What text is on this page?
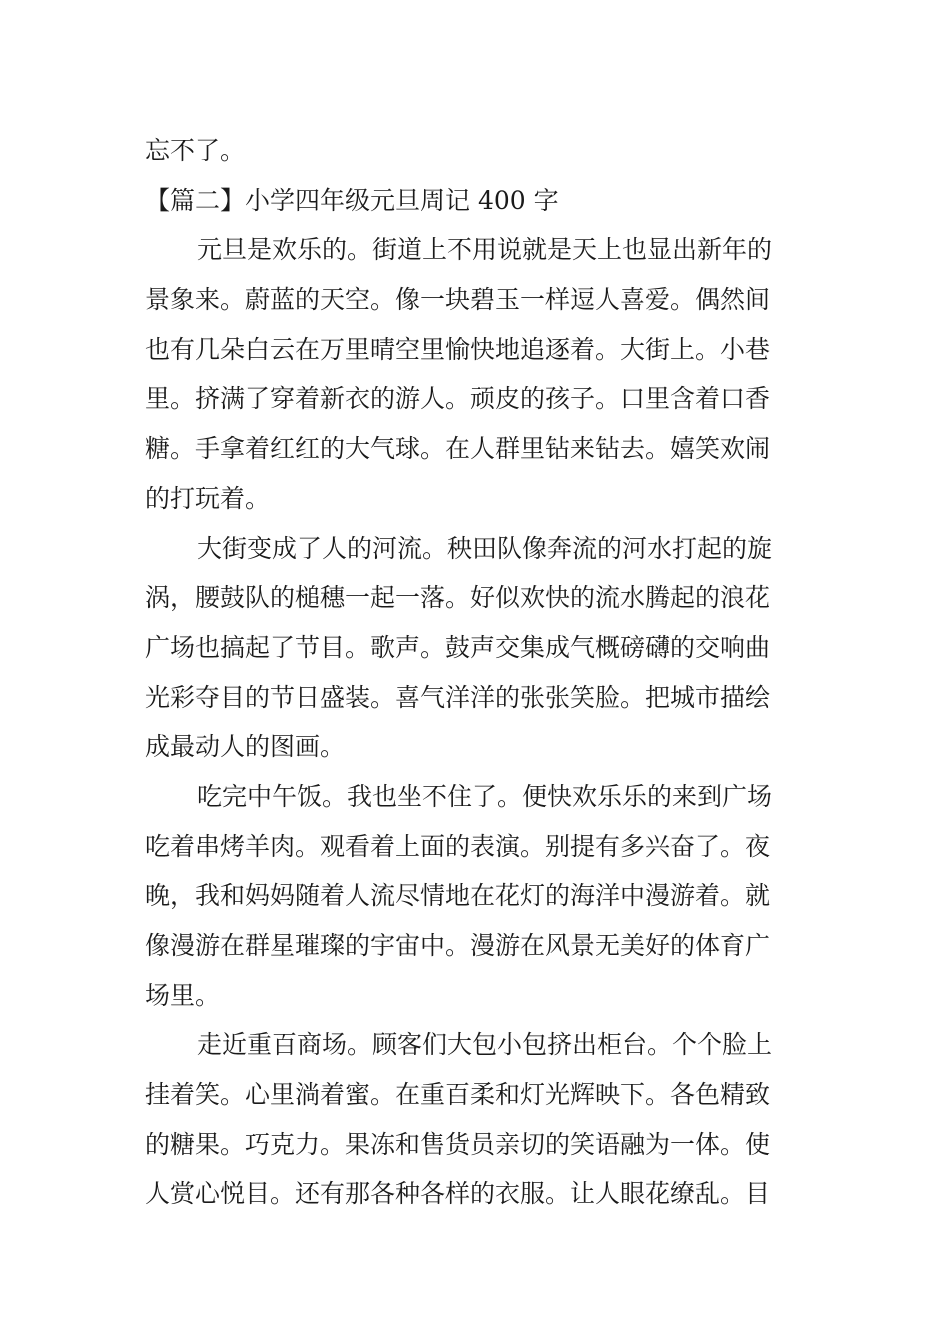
忘不了。
【篇二】小学四年级元旦周记 400 字
元旦是欢乐的。街道上不用说就是天上也显出新年的
景象来。蔚蓝的天空。像一块碧玉一样逗人喜爱。偶然间
也有几朵白云在万里晴空里愉快地追逐着。大街上。小巷
里。挤满了穿着新衣的游人。顽皮的孩子。口里含着口香
糖。手拿着红红的大气球。在人群里钻来钻去。嬉笑欢闹
的打玩着。
大街变成了人的河流。秧田队像奔流的河水打起的旋
涡，腰鼓队的槌穗一起一落。好似欢快的流水腾起的浪花
广场也搞起了节目。歌声。鼓声交集成气概磅礴的交响曲
光彩夺目的节日盛装。喜气洋洋的张张笑脸。把城市描绘
成最动人的图画。
吃完中午饭。我也坐不住了。便快欢乐乐的来到广场
吃着串烤羊肉。观看着上面的表演。别提有多兴奋了。夜
晚，我和妈妈随着人流尽情地在花灯的海洋中漫游着。就
像漫游在群星璀璨的宇宙中。漫游在风景无美好的体育广
场里。
走近重百商场。顾客们大包小包挤出柜台。个个脸上
挂着笑。心里淌着蜜。在重百柔和灯光辉映下。各色精致
的糖果。巧克力。果冻和售货员亲切的笑语融为一体。使
人赏心悦目。还有那各种各样的衣服。让人眼花缭乱。目
